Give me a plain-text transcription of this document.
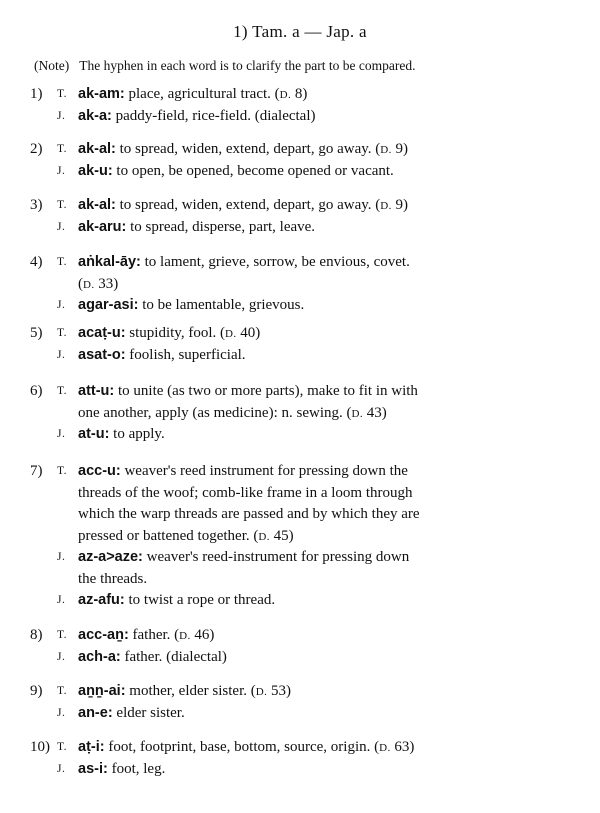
1) Tam. a — Jap. a
(Note) The hyphen in each word is to clarify the part to be compared.
1) T. ak-am: place, agricultural tract. (D. 8)
J. ak-a: paddy-field, rice-field. (dialectal)
2) T. ak-al: to spread, widen, extend, depart, go away. (D. 9)
J. ak-u: to open, be opened, become opened or vacant.
3) T. ak-al: to spread, widen, extend, depart, go away. (D. 9)
J. ak-aru: to spread, disperse, part, leave.
4) T. aṅkal-āy: to lament, grieve, sorrow, be envious, covet.
(D. 33)
J. agar-asi: to be lamentable, grievous.
5) T. acaṭ-u: stupidity, fool. (D. 40)
J. asat-o: foolish, superficial.
6) T. att-u: to unite (as two or more parts), make to fit in with
one another, apply (as medicine): n. sewing. (D. 43)
J. at-u: to apply.
7) T. acc-u: weaver's reed instrument for pressing down the
threads of the woof; comb-like frame in a loom through
which the warp threads are passed and by which they are
pressed or battened together. (D. 45)
J. az-a>aze: weaver's reed-instrument for pressing down
the threads.
J. az-afu: to twist a rope or thread.
8) T. acc-aṉ: father. (D. 46)
J. ach-a: father. (dialectal)
9) T. aṉṉ-ai: mother, elder sister. (D. 53)
J. an-e: elder sister.
10) T. aṭ-i: foot, footprint, base, bottom, source, origin. (D. 63)
J. as-i: foot, leg.
